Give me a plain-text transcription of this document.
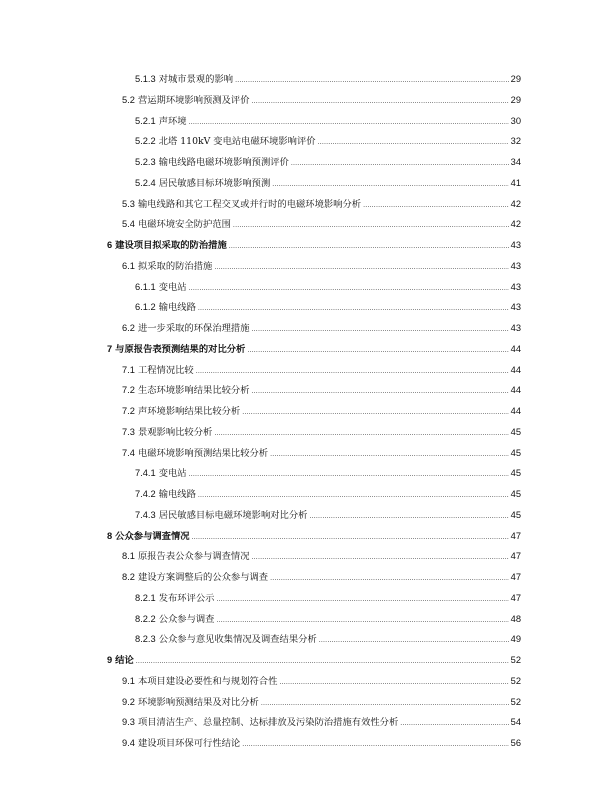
5.1.3 对城市景观的影响 .....	29
5.2 营运期环境影响预测及评价 .....	29
5.2.1 声环境 .....	30
5.2.2 北塔 110kV 变电站电磁环境影响评价 .....	32
5.2.3 输电线路电磁环境影响预测评价 .....	34
5.2.4 居民敏感目标环境影响预测 .....	41
5.3 输电线路和其它工程交叉或并行时的电磁环境影响分析 .....	42
5.4 电磁环境安全防护范围 .....	42
6 建设项目拟采取的防治措施 .....	43
6.1 拟采取的防治措施 .....	43
6.1.1 变电站 .....	43
6.1.2 输电线路 .....	43
6.2 进一步采取的环保治理措施 .....	43
7 与原报告表预测结果的对比分析 .....	44
7.1 工程情况比较 .....	44
7.2 生态环境影响结果比较分析 .....	44
7.2 声环境影响结果比较分析 .....	44
7.3 景观影响比较分析 .....	45
7.4 电磁环境影响预测结果比较分析 .....	45
7.4.1 变电站 .....	45
7.4.2 输电线路 .....	45
7.4.3 居民敏感目标电磁环境影响对比分析 .....	45
8 公众参与调查情况 .....	47
8.1 原报告表公众参与调查情况 .....	47
8.2 建设方案调整后的公众参与调查 .....	47
8.2.1 发布环评公示 .....	47
8.2.2 公众参与调查 .....	48
8.2.3 公众参与意见收集情况及调查结果分析 .....	49
9 结论 .....	52
9.1 本项目建设必要性和与规划符合性 .....	52
9.2 环境影响预测结果及对比分析 .....	52
9.3 项目清洁生产、总量控制、达标排放及污染防治措施有效性分析 .....	54
9.4 建设项目环保可行性结论 .....	56
